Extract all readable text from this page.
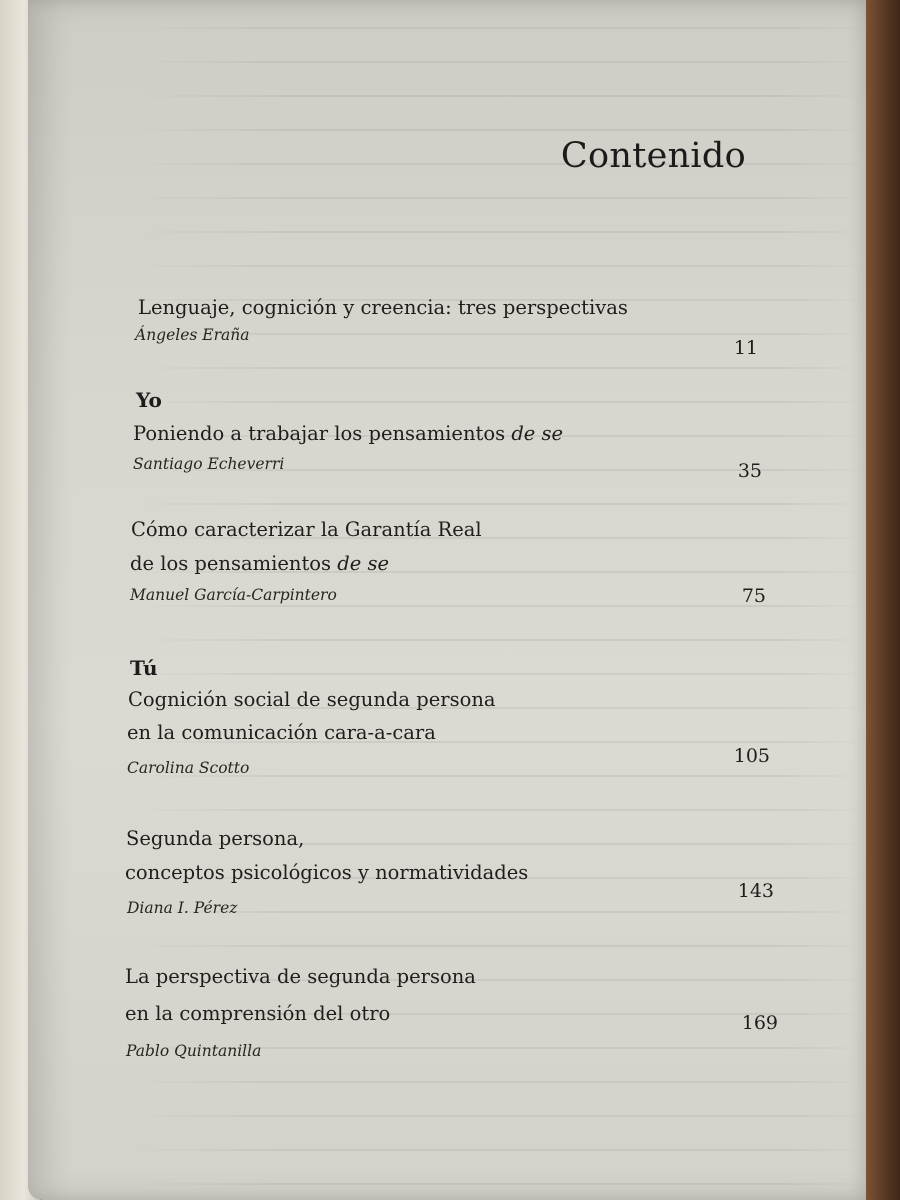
Contenido
Lenguaje, cognición y creencia: tres perspectivas
Ángeles Eraña
11
Yo
Poniendo a trabajar los pensamientos de se
Santiago Echeverri	35
Cómo caracterizar la Garantía Real
de los pensamientos de se
Manuel García-Carpintero	75
Tú
Cognición social de segunda persona
en la comunicación cara-a-cara
Carolina Scotto
105
Segunda persona,
conceptos psicológicos y normatividades
Diana I. Pérez
143
La perspectiva de segunda persona
en la comprensión del otro
Pablo Quintanilla
169
